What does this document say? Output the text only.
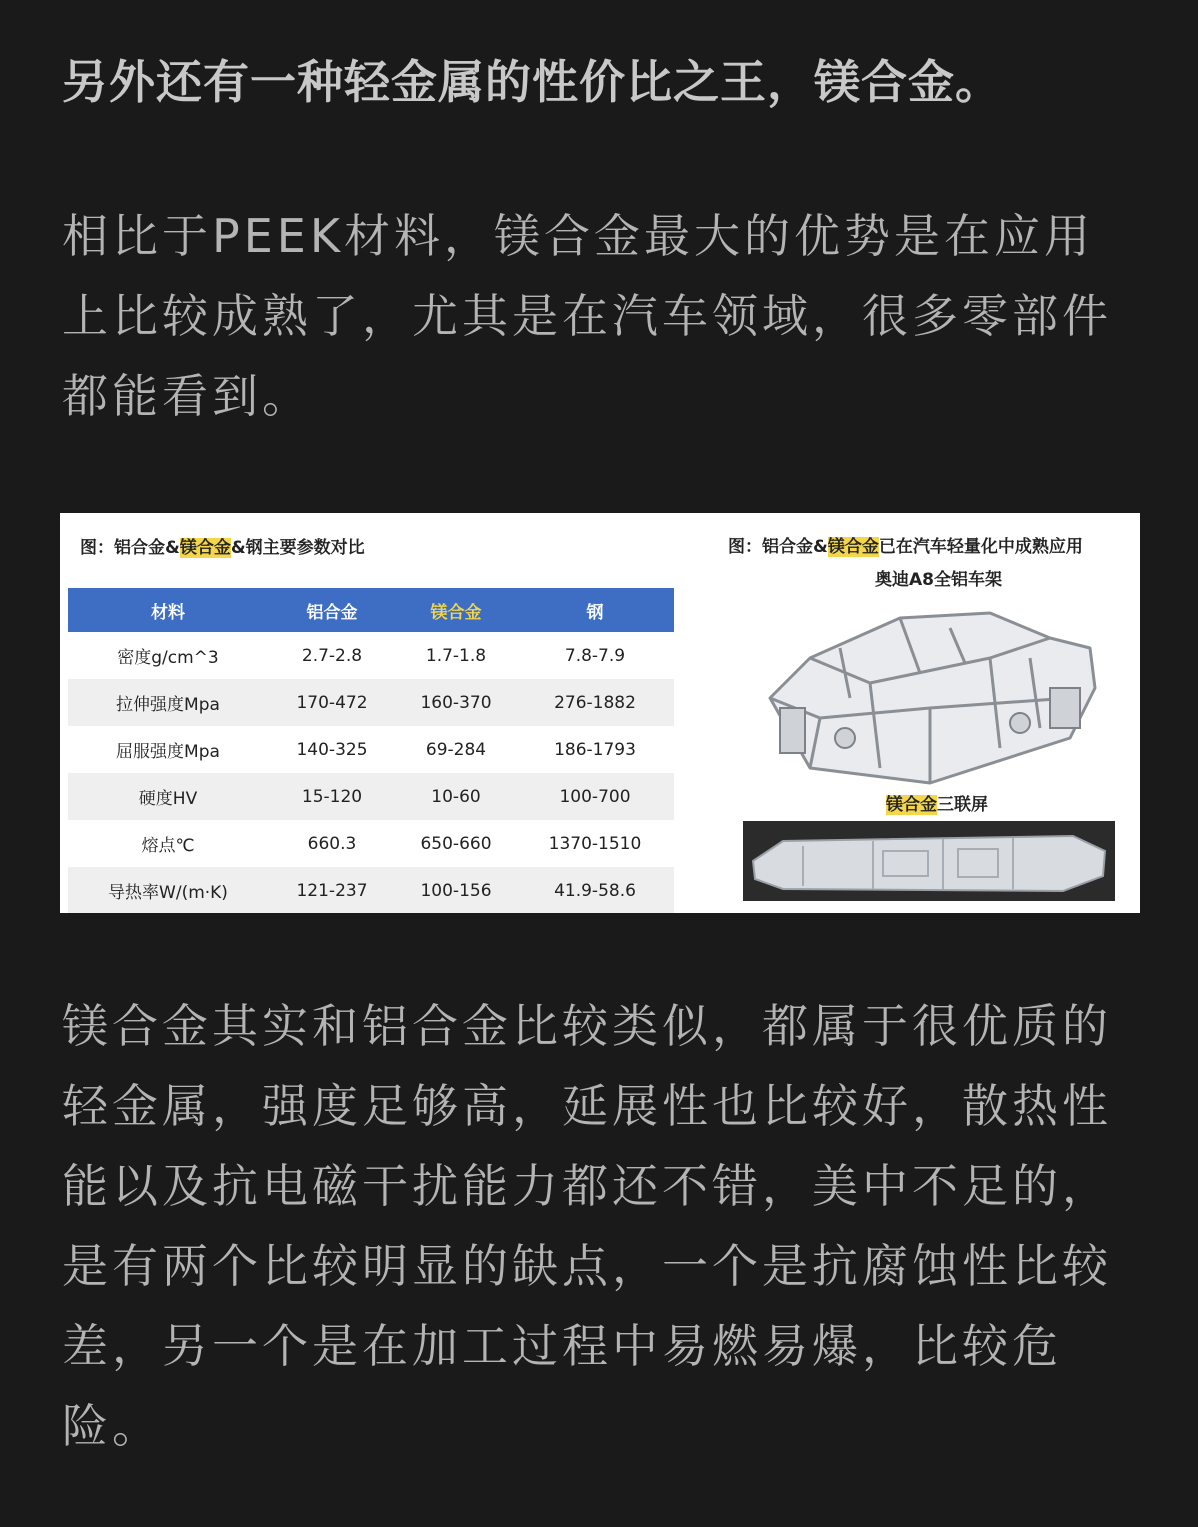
另外还有一种轻金属的性价比之王，镁合金。
相比于PEEK材料，镁合金最大的优势是在应用上比较成熟了，尤其是在汽车领域，很多零部件都能看到。
图：铝合金&镁合金&钢主要参数对比
材料	铝合金	镁合金	钢
密度g/cm^3	2.7-2.8	1.7-1.8	7.8-7.9
拉伸强度Mpa	170-472	160-370	276-1882
屈服强度Mpa	140-325	69-284	186-1793
硬度HV	15-120	10-60	100-700
熔点℃	660.3	650-660	1370-1510
导热率W/(m·K)	121-237	100-156	41.9-58.6
图：铝合金&镁合金已在汽车轻量化中成熟应用
奥迪A8全铝车架
镁合金三联屏
镁合金其实和铝合金比较类似，都属于很优质的轻金属，强度足够高，延展性也比较好，散热性能以及抗电磁干扰能力都还不错，美中不足的，是有两个比较明显的缺点，一个是抗腐蚀性比较差，另一个是在加工过程中易燃易爆，比较危险。
